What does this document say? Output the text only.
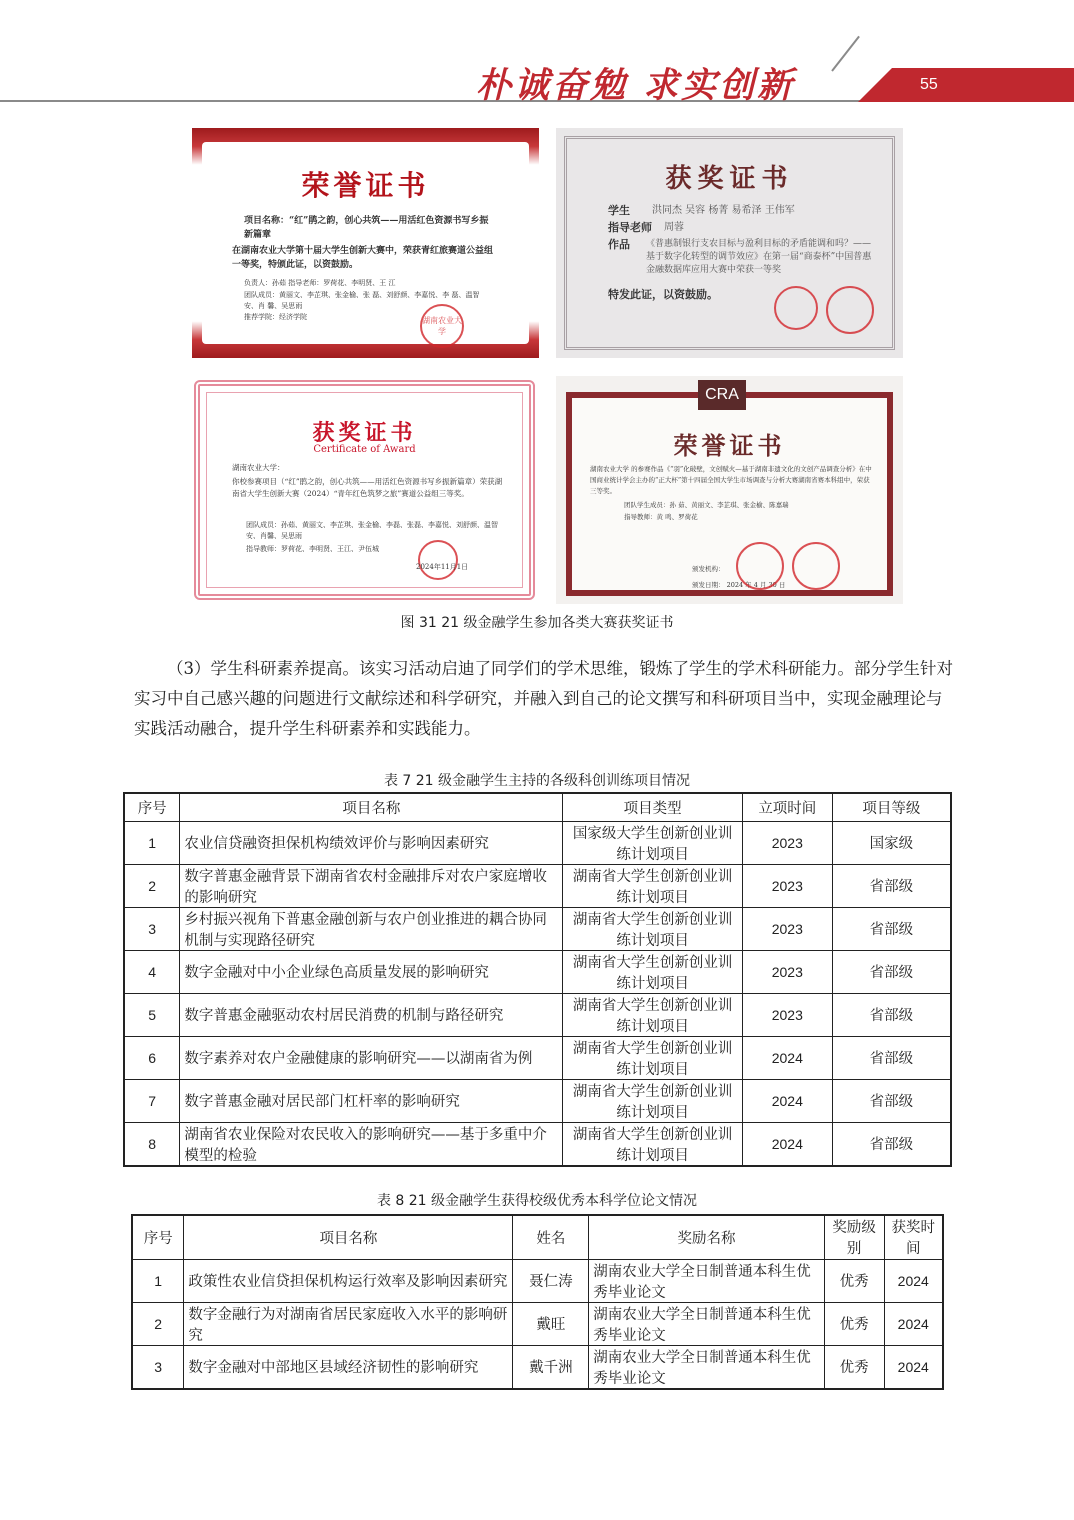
朴诚奋勉 求实创新	55
荣誉证书
项目名称：“红”鹃之韵，创心共筑——用活红色资源书写乡振新篇章
在湖南农业大学第十届大学生创新大赛中，荣获青红旅赛道公益组一等奖，特颁此证，以资鼓励。
负责人：孙茹 指导老师：罗荷花、李明贤、王 江
团队成员：黄丽文、李芷琪、张金榆、张 磊、刘舒颜、李嘉悦、李 磊、温智安、肖 馨、吴思雨
推荐学院：经济学院	湖南农业大学
获奖证书
学生 洪同杰 吴容 杨菁 易希泽 王伟军
指导老师 周蓉
作品 《普惠制银行支农目标与盈利目标的矛盾能调和吗？——基于数字化转型的调节效应》在第一届“商泰杯”中国普惠金融数据库应用大赛中荣获一等奖
特发此证，以资鼓励。
获奖证书
Certificate of Award
湖南农业大学：
你校参赛项目（“红”鹃之韵，创心共筑——用活红色资源书写乡振新篇章）荣获湖南省大学生创新大赛（2024）“青年红色筑梦之旅”赛道公益组三等奖。
团队成员：孙茹、黄丽文、李芷琪、张金榆、李磊、张磊、李嘉悦、刘舒颜、温智安、肖馨、吴思雨
指导教师：罗荷花、李明贤、王江、尹伍城
2024年11月1日
CRA
荣誉证书
湖南农业大学 的参赛作品《“羽”化破壁，文创赋火—基于湖南非遗文化的文创产品调查分析》在中国商业统计学会主办的“正大杯”第十四届全国大学生市场调查与分析大赛湖南省赛本科组中，荣获 三等奖。
团队学生成员：孙 茹、黄丽文、李芷琪、张金榆、陈嘉瑞
指导教师：黄 鸣、罗荷花
颁发机构：
颁发日期： 2024 年 4 月 30 日
图 31 21 级金融学生参加各类大赛获奖证书
（3）学生科研素养提高。该实习活动启迪了同学们的学术思维，锻炼了学生的学术科研能力。部分学生针对实习中自己感兴趣的问题进行文献综述和科学研究，并融入到自己的论文撰写和科研项目当中，实现金融理论与实践活动融合，提升学生科研素养和实践能力。
表 7 21 级金融学生主持的各级科创训练项目情况
序号	项目名称	项目类型	立项时间	项目等级
1	农业信贷融资担保机构绩效评价与影响因素研究	国家级大学生创新创业训练计划项目	2023	国家级
2	数字普惠金融背景下湖南省农村金融排斥对农户家庭增收的影响研究	湖南省大学生创新创业训练计划项目	2023	省部级
3	乡村振兴视角下普惠金融创新与农户创业推进的耦合协同机制与实现路径研究	湖南省大学生创新创业训练计划项目	2023	省部级
4	数字金融对中小企业绿色高质量发展的影响研究	湖南省大学生创新创业训练计划项目	2023	省部级
5	数字普惠金融驱动农村居民消费的机制与路径研究	湖南省大学生创新创业训练计划项目	2023	省部级
6	数字素养对农户金融健康的影响研究——以湖南省为例	湖南省大学生创新创业训练计划项目	2024	省部级
7	数字普惠金融对居民部门杠杆率的影响研究	湖南省大学生创新创业训练计划项目	2024	省部级
8	湖南省农业保险对农民收入的影响研究——基于多重中介模型的检验	湖南省大学生创新创业训练计划项目	2024	省部级
表 8 21 级金融学生获得校级优秀本科学位论文情况
序号	项目名称	姓名	奖励名称	奖励级别	获奖时间
1	政策性农业信贷担保机构运行效率及影响因素研究	聂仁涛	湖南农业大学全日制普通本科生优秀毕业论文	优秀	2024
2	数字金融行为对湖南省居民家庭收入水平的影响研究	戴旺	湖南农业大学全日制普通本科生优秀毕业论文	优秀	2024
3	数字金融对中部地区县域经济韧性的影响研究	戴千洲	湖南农业大学全日制普通本科生优秀毕业论文	优秀	2024
